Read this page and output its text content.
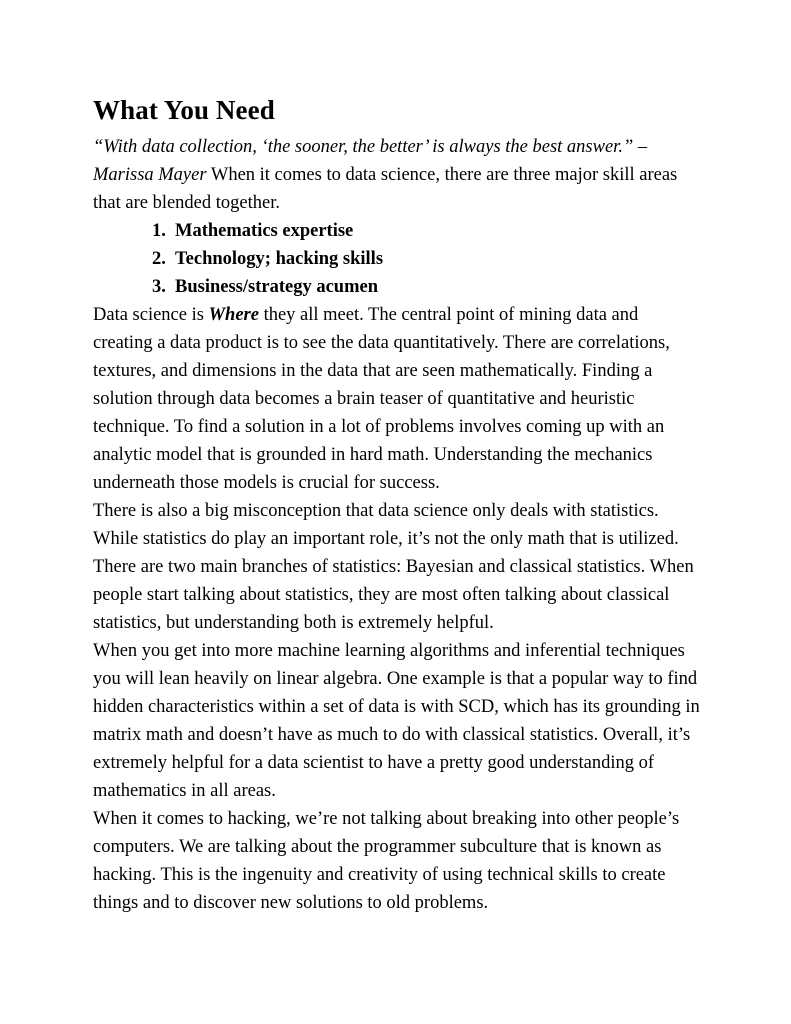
What You Need

“With data collection, ‘the sooner, the better’ is always the best answer.” – Marissa Mayer When it comes to data science, there are three major skill areas that are blended together.

1. Mathematics expertise
2. Technology; hacking skills
3. Business/strategy acumen

Data science is Where they all meet. The central point of mining data and creating a data product is to see the data quantitatively. There are correlations, textures, and dimensions in the data that are seen mathematically. Finding a solution through data becomes a brain teaser of quantitative and heuristic technique. To find a solution in a lot of problems involves coming up with an analytic model that is grounded in hard math. Understanding the mechanics underneath those models is crucial for success.

There is also a big misconception that data science only deals with statistics. While statistics do play an important role, it’s not the only math that is utilized. There are two main branches of statistics: Bayesian and classical statistics. When people start talking about statistics, they are most often talking about classical statistics, but understanding both is extremely helpful.

When you get into more machine learning algorithms and inferential techniques you will lean heavily on linear algebra. One example is that a popular way to find hidden characteristics within a set of data is with SCD, which has its grounding in matrix math and doesn’t have as much to do with classical statistics. Overall, it’s extremely helpful for a data scientist to have a pretty good understanding of mathematics in all areas.

When it comes to hacking, we’re not talking about breaking into other people’s computers. We are talking about the programmer subculture that is known as hacking. This is the ingenuity and creativity of using technical skills to create things and to discover new solutions to old problems.
